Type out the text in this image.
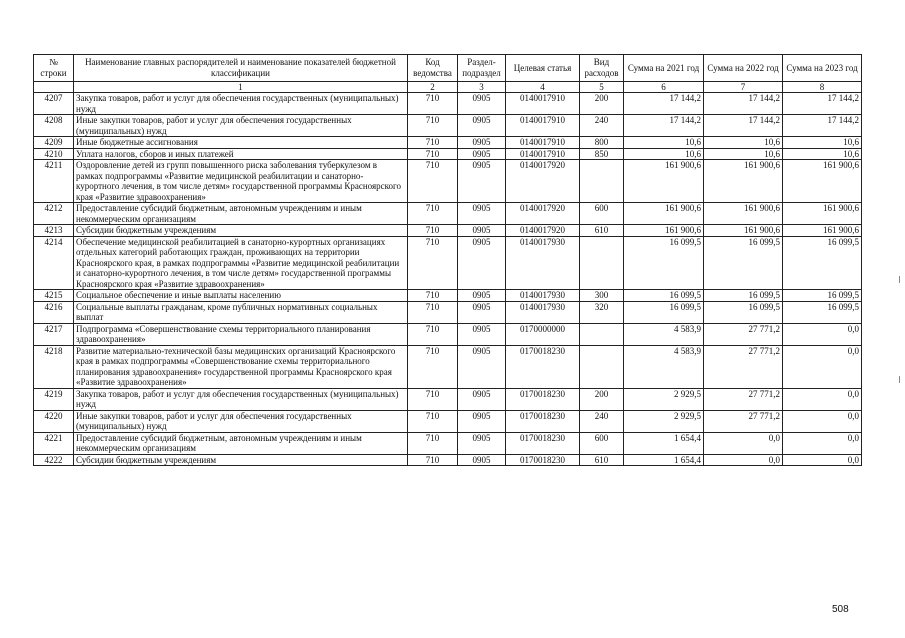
№ строки	Наименование главных распорядителей и наименование показателей бюджетной классификации	Код ведомства	Раздел-подраздел	Целевая статья	Вид расходов	Сумма на 2021 год	Сумма на 2022 год	Сумма на 2023 год
	1	2	3	4	5	6	7	8
4207	Закупка товаров, работ и услуг для обеспечения государственных (муниципальных) нужд	710	0905	0140017910	200	17 144,2	17 144,2	17 144,2
4208	Иные закупки товаров, работ и услуг для обеспечения государственных (муниципальных) нужд	710	0905	0140017910	240	17 144,2	17 144,2	17 144,2
4209	Иные бюджетные ассигнования	710	0905	0140017910	800	10,6	10,6	10,6
4210	Уплата налогов, сборов и иных платежей	710	0905	0140017910	850	10,6	10,6	10,6
4211	Оздоровление детей из групп повышенного риска заболевания туберкулезом в рамках подпрограммы «Развитие медицинской реабилитации и санаторно-курортного лечения, в том числе детям» государственной программы Красноярского края «Развитие здравоохранения»	710	0905	0140017920		161 900,6	161 900,6	161 900,6
4212	Предоставление субсидий бюджетным, автономным учреждениям и иным некоммерческим организациям	710	0905	0140017920	600	161 900,6	161 900,6	161 900,6
4213	Субсидии бюджетным учреждениям	710	0905	0140017920	610	161 900,6	161 900,6	161 900,6
4214	Обеспечение медицинской реабилитацией в санаторно-курортных организациях отдельных категорий работающих граждан, проживающих на территории Красноярского края, в рамках подпрограммы «Развитие медицинской реабилитации и санаторно-курортного лечения, в том числе детям» государственной программы Красноярского края «Развитие здравоохранения»	710	0905	0140017930		16 099,5	16 099,5	16 099,5
4215	Социальное обеспечение и иные выплаты населению	710	0905	0140017930	300	16 099,5	16 099,5	16 099,5
4216	Социальные выплаты гражданам, кроме публичных нормативных социальных выплат	710	0905	0140017930	320	16 099,5	16 099,5	16 099,5
4217	Подпрограмма «Совершенствование схемы территориального планирования здравоохранения»	710	0905	0170000000		4 583,9	27 771,2	0,0
4218	Развитие материально-технической базы медицинских организаций Красноярского края в рамках подпрограммы «Совершенствование схемы территориального планирования здравоохранения» государственной программы Красноярского края «Развитие здравоохранения»	710	0905	0170018230		4 583,9	27 771,2	0,0
4219	Закупка товаров, работ и услуг для обеспечения государственных (муниципальных) нужд	710	0905	0170018230	200	2 929,5	27 771,2	0,0
4220	Иные закупки товаров, работ и услуг для обеспечения государственных (муниципальных) нужд	710	0905	0170018230	240	2 929,5	27 771,2	0,0
4221	Предоставление субсидий бюджетным, автономным учреждениям и иным некоммерческим организациям	710	0905	0170018230	600	1 654,4	0,0	0,0
4222	Субсидии бюджетным учреждениям	710	0905	0170018230	610	1 654,4	0,0	0,0
508
